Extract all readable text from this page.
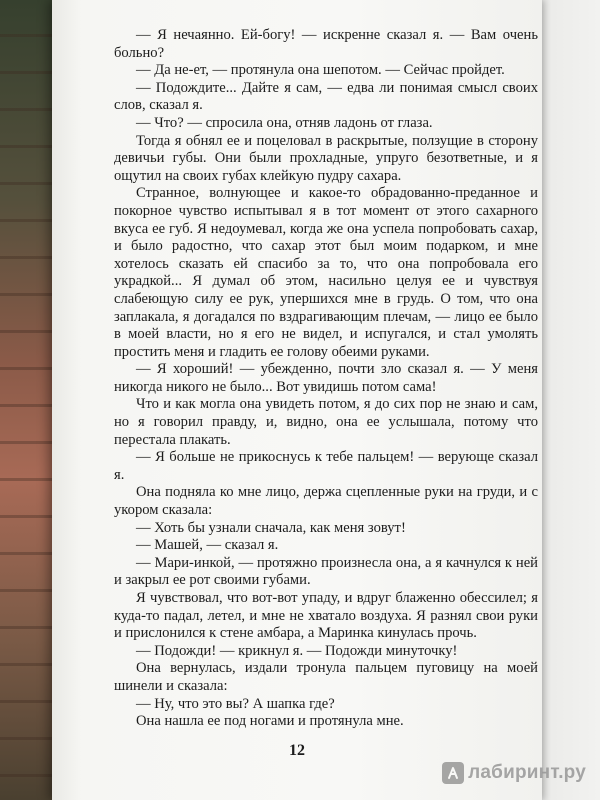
— Я нечаянно. Ей-богу! — искренне сказал я. — Вам очень больно?

— Да не-ет, — протянула она шепотом. — Сейчас пройдет.

— Подождите... Дайте я сам, — едва ли понимая смысл своих слов, сказал я.

— Что? — спросила она, отняв ладонь от глаза.

Тогда я обнял ее и поцеловал в раскрытые, ползущие в сторону девичьи губы. Они были прохладные, упруго безответные, и я ощутил на своих губах клейкую пудру сахара.

Странное, волнующее и какое-то обрадованно-преданное и покорное чувство испытывал я в тот момент от этого сахарного вкуса ее губ. Я недоумевал, когда же она успела попробовать сахар, и было радостно, что сахар этот был моим подарком, и мне хотелось сказать ей спасибо за то, что она попробовала его украдкой... Я думал об этом, насильно целуя ее и чувствуя слабеющую силу ее рук, упершихся мне в грудь. О том, что она заплакала, я догадался по вздрагивающим плечам, — лицо ее было в моей власти, но я его не видел, и испугался, и стал умолять простить меня и гладить ее голову обеими руками.

— Я хороший! — убежденно, почти зло сказал я. — У меня никогда никого не было... Вот увидишь потом сама!

Что и как могла она увидеть потом, я до сих пор не знаю и сам, но я говорил правду, и, видно, она ее услышала, потому что перестала плакать.

— Я больше не прикоснусь к тебе пальцем! — верующе сказал я.

Она подняла ко мне лицо, держа сцепленные руки на груди, и с укором сказала:

— Хоть бы узнали сначала, как меня зовут!

— Машей, — сказал я.

— Мари-инкой, — протяжно произнесла она, а я качнулся к ней и закрыл ее рот своими губами.

Я чувствовал, что вот-вот упаду, и вдруг блаженно обессилел; я куда-то падал, летел, и мне не хватало воздуха. Я разнял свои руки и прислонился к стене амбара, а Маринка кинулась прочь.

— Подожди! — крикнул я. — Подожди минуточку!

Она вернулась, издали тронула пальцем пуговицу на моей шинели и сказала:

— Ну, что это вы? А шапка где?

Она нашла ее под ногами и протянула мне.

12
лабиринт.ру
